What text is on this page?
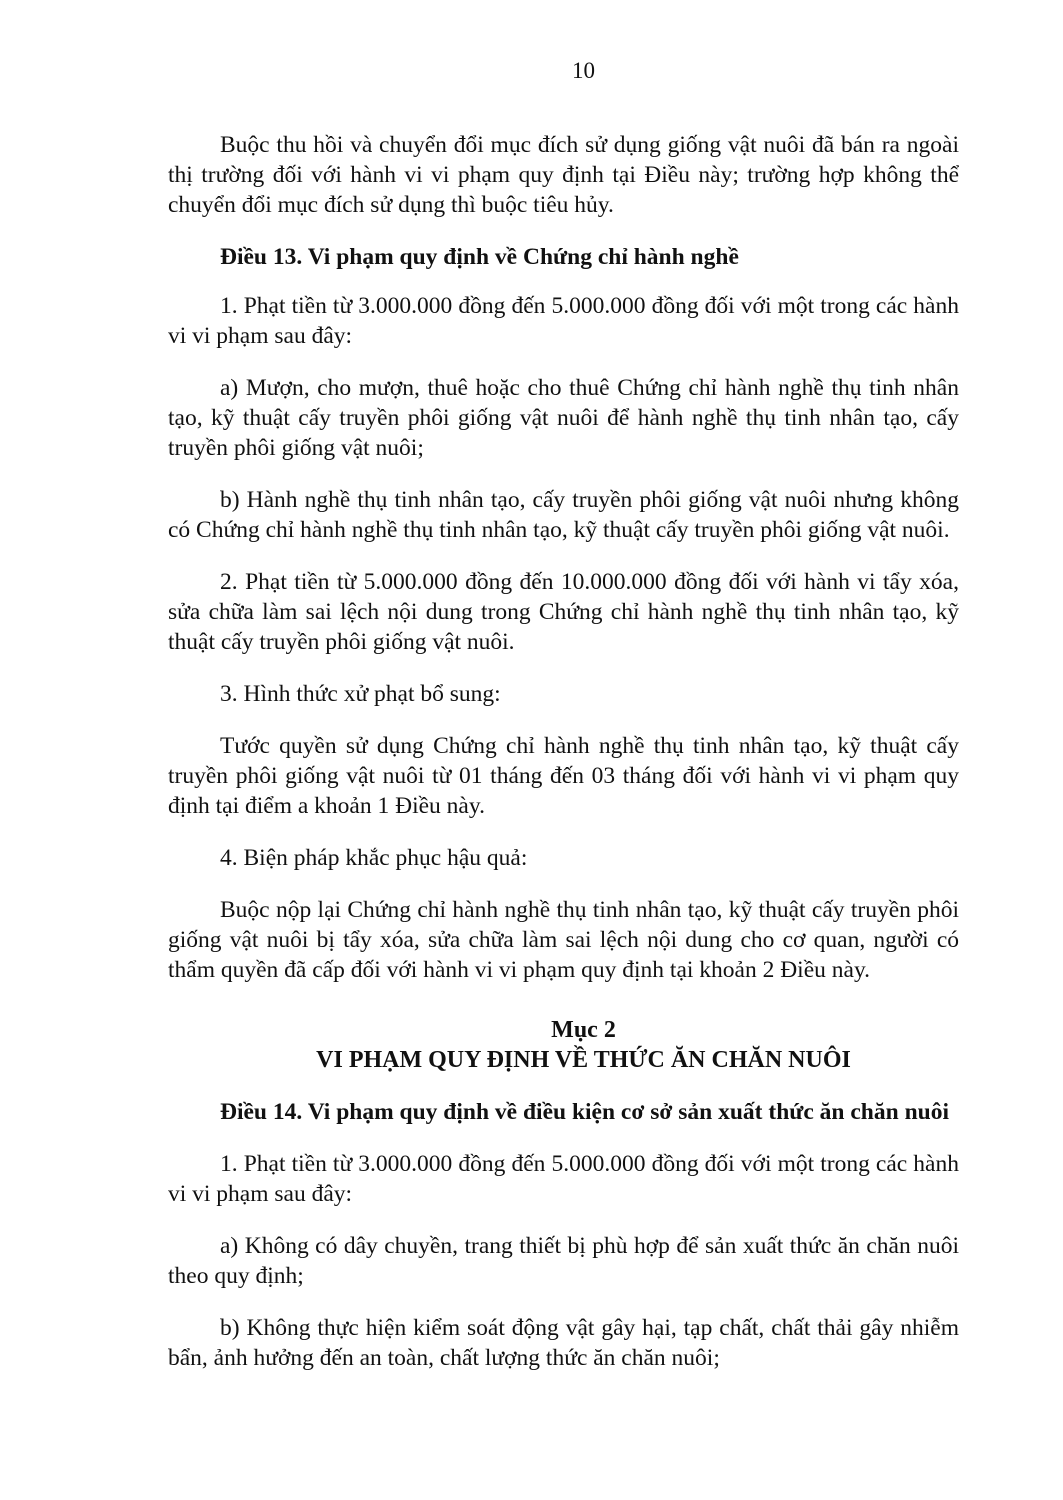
10

Buộc thu hồi và chuyển đổi mục đích sử dụng giống vật nuôi đã bán ra ngoài thị trường đối với hành vi vi phạm quy định tại Điều này; trường hợp không thể chuyển đổi mục đích sử dụng thì buộc tiêu hủy.

Điều 13. Vi phạm quy định về Chứng chỉ hành nghề

1. Phạt tiền từ 3.000.000 đồng đến 5.000.000 đồng đối với một trong các hành vi vi phạm sau đây:

a) Mượn, cho mượn, thuê hoặc cho thuê Chứng chỉ hành nghề thụ tinh nhân tạo, kỹ thuật cấy truyền phôi giống vật nuôi để hành nghề thụ tinh nhân tạo, cấy truyền phôi giống vật nuôi;

b) Hành nghề thụ tinh nhân tạo, cấy truyền phôi giống vật nuôi nhưng không có Chứng chỉ hành nghề thụ tinh nhân tạo, kỹ thuật cấy truyền phôi giống vật nuôi.

2. Phạt tiền từ 5.000.000 đồng đến 10.000.000 đồng đối với hành vi tẩy xóa, sửa chữa làm sai lệch nội dung trong Chứng chỉ hành nghề thụ tinh nhân tạo, kỹ thuật cấy truyền phôi giống vật nuôi.

3. Hình thức xử phạt bổ sung:

Tước quyền sử dụng Chứng chỉ hành nghề thụ tinh nhân tạo, kỹ thuật cấy truyền phôi giống vật nuôi từ 01 tháng đến 03 tháng đối với hành vi vi phạm quy định tại điểm a khoản 1 Điều này.

4. Biện pháp khắc phục hậu quả:

Buộc nộp lại Chứng chỉ hành nghề thụ tinh nhân tạo, kỹ thuật cấy truyền phôi giống vật nuôi bị tẩy xóa, sửa chữa làm sai lệch nội dung cho cơ quan, người có thẩm quyền đã cấp đối với hành vi vi phạm quy định tại khoản 2 Điều này.

Mục 2
VI PHẠM QUY ĐỊNH VỀ THỨC ĂN CHĂN NUÔI

Điều 14. Vi phạm quy định về điều kiện cơ sở sản xuất thức ăn chăn nuôi

1. Phạt tiền từ 3.000.000 đồng đến 5.000.000 đồng đối với một trong các hành vi vi phạm sau đây:

a) Không có dây chuyền, trang thiết bị phù hợp để sản xuất thức ăn chăn nuôi theo quy định;

b) Không thực hiện kiểm soát động vật gây hại, tạp chất, chất thải gây nhiễm bẩn, ảnh hưởng đến an toàn, chất lượng thức ăn chăn nuôi;
